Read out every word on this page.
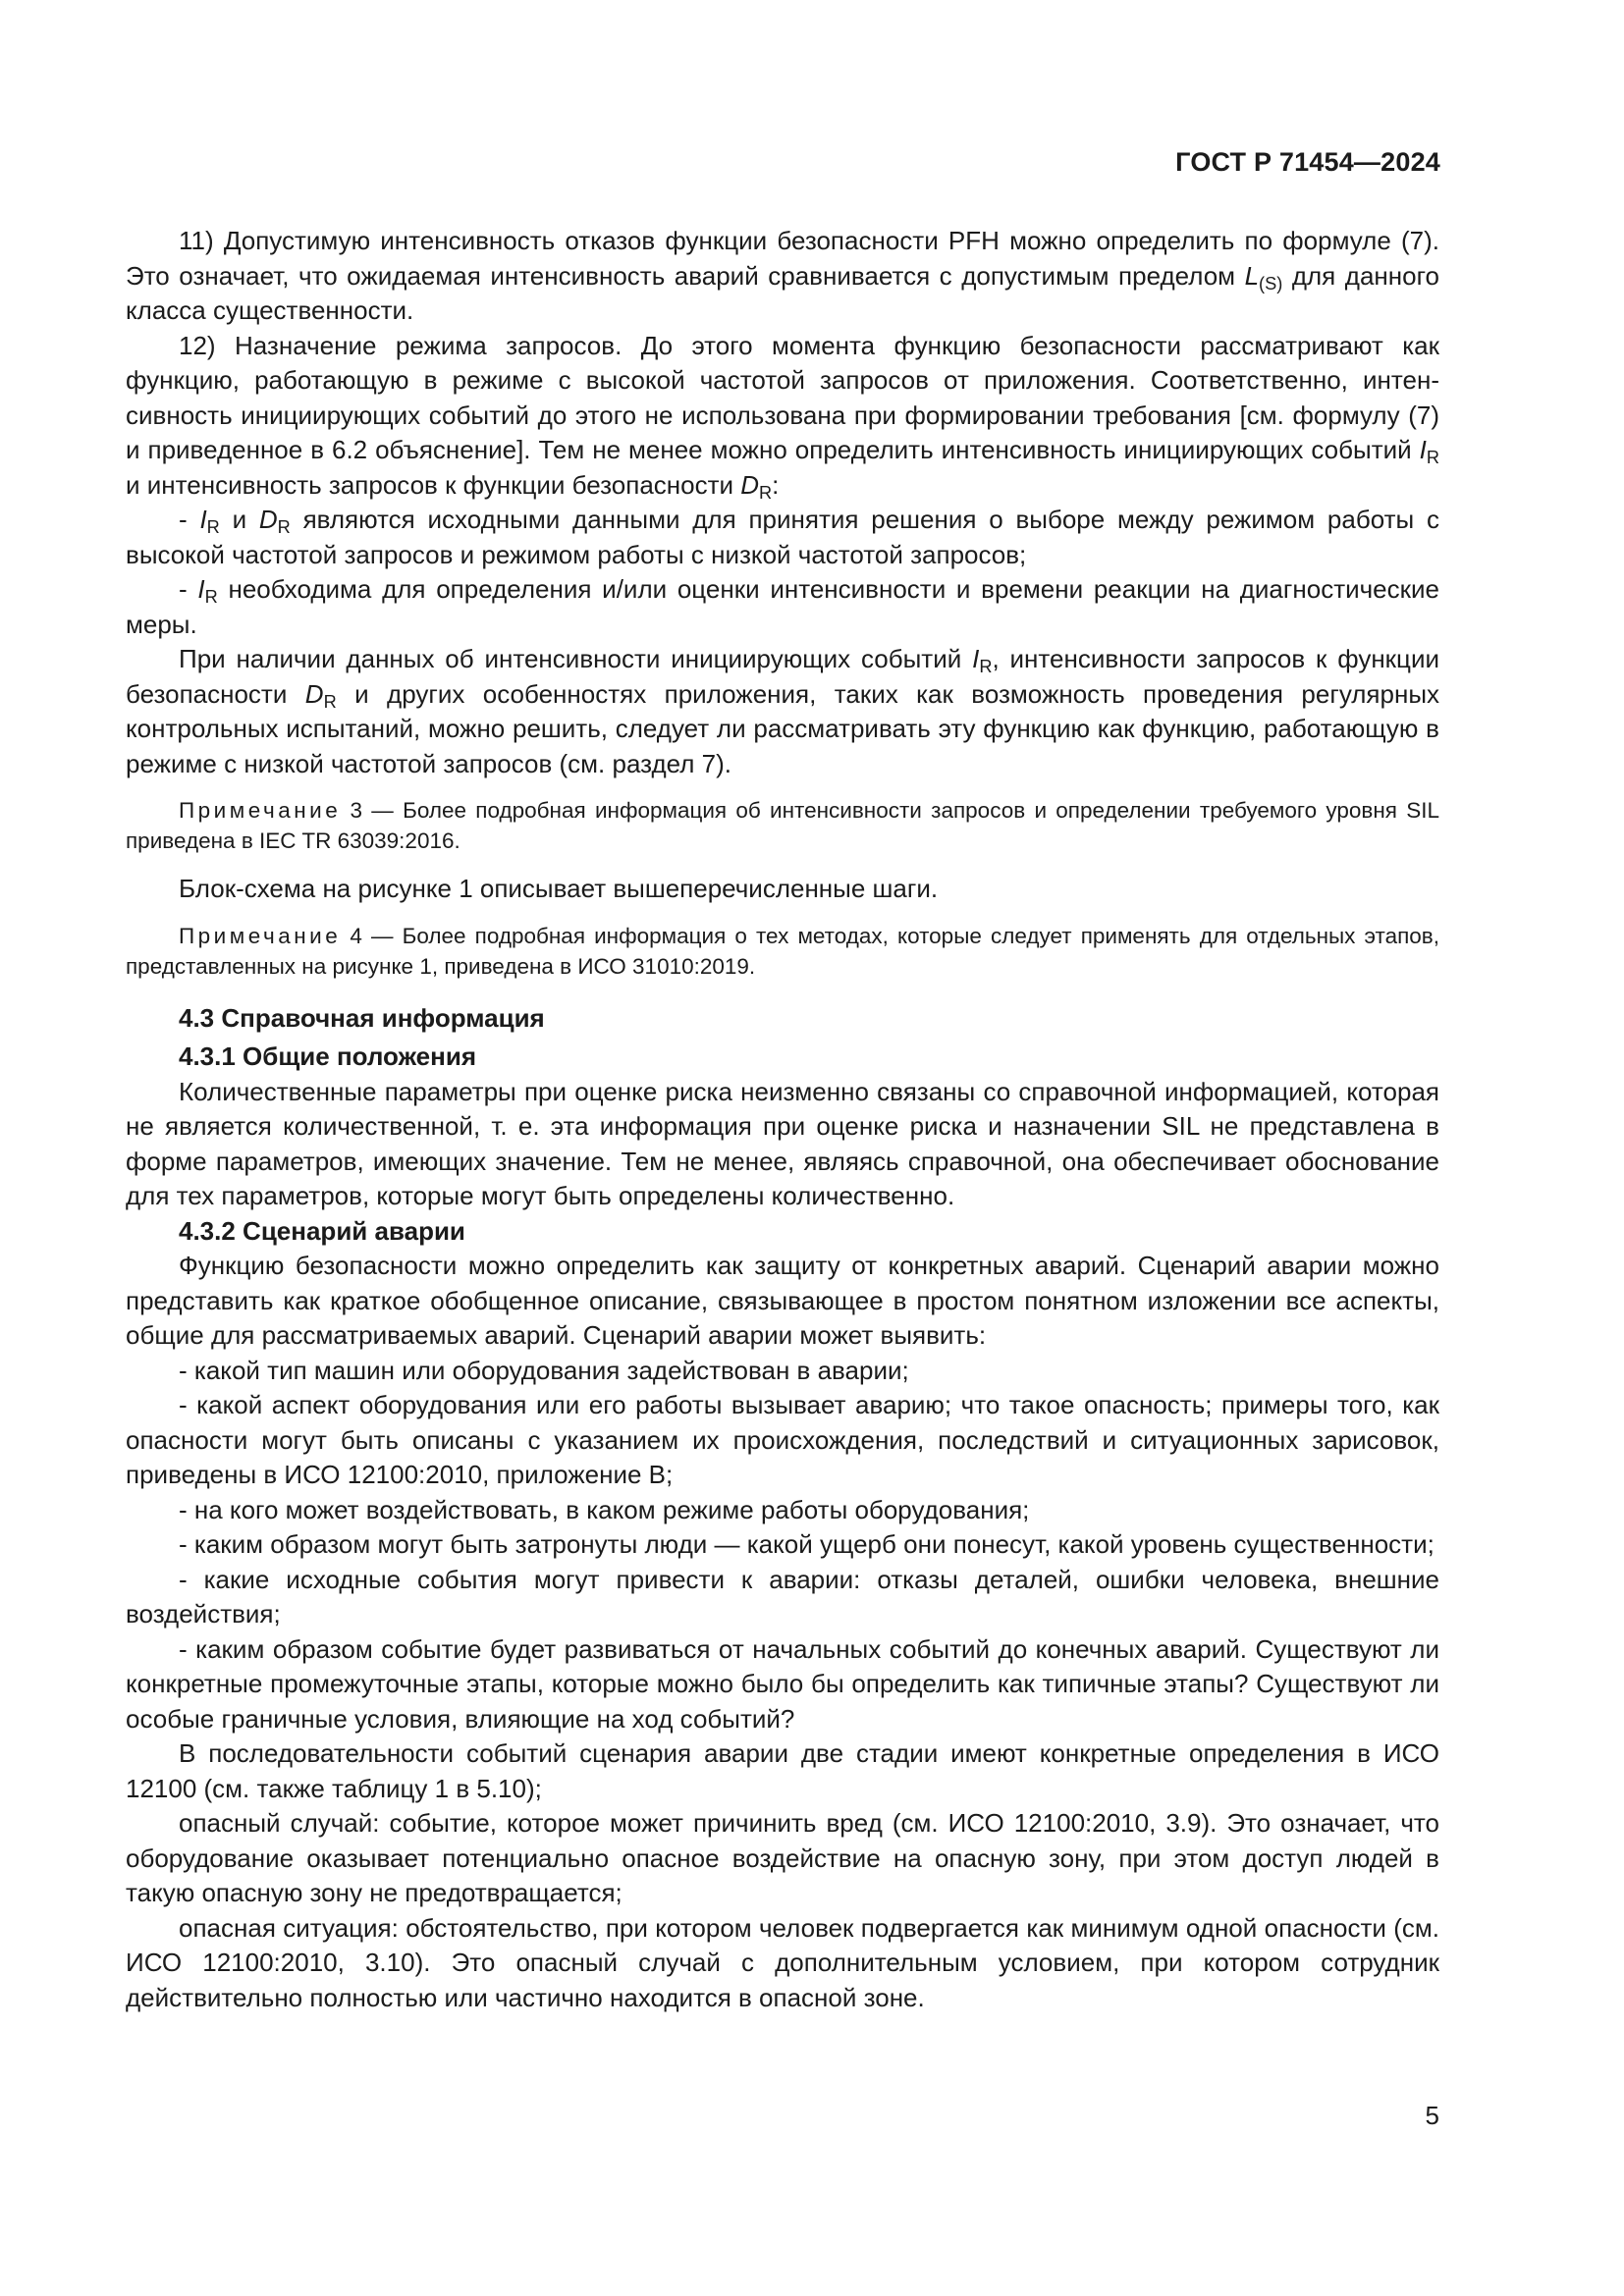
ГОСТ Р 71454—2024

11) Допустимую интенсивность отказов функции безопасности PFH можно определить по формуле (7). Это означает, что ожидаемая интенсивность аварий сравнивается с допустимым пределом $L_{(S)}$ для данного класса существенности.

12) Назначение режима запросов. До этого момента функцию безопасности рассматривают как функцию, работающую в режиме с высокой частотой запросов от приложения. Соответственно, интенсивность инициирующих событий до этого не использована при формировании требования [см. формулу (7) и приведенное в 6.2 объяснение]. Тем не менее можно определить интенсивность инициирующих событий $I_R$ и интенсивность запросов к функции безопасности $D_R$:

- $I_R$ и $D_R$ являются исходными данными для принятия решения о выборе между режимом работы с высокой частотой запросов и режимом работы с низкой частотой запросов;

- $I_R$ необходима для определения и/или оценки интенсивности и времени реакции на диагностические меры.

При наличии данных об интенсивности инициирующих событий $I_R$, интенсивности запросов к функции безопасности $D_R$ и других особенностях приложения, таких как возможность проведения регулярных контрольных испытаний, можно решить, следует ли рассматривать эту функцию как функцию, работающую в режиме с низкой частотой запросов (см. раздел 7).

Примечание 3 — Более подробная информация об интенсивности запросов и определении требуемого уровня SIL приведена в IEC TR 63039:2016.

Блок-схема на рисунке 1 описывает вышеперечисленные шаги.

Примечание 4 — Более подробная информация о тех методах, которые следует применять для отдельных этапов, представленных на рисунке 1, приведена в ИСО 31010:2019.

4.3 Справочная информация

4.3.1 Общие положения

Количественные параметры при оценке риска неизменно связаны со справочной информацией, которая не является количественной, т. е. эта информация при оценке риска и назначении SIL не представлена в форме параметров, имеющих значение. Тем не менее, являясь справочной, она обеспечивает обоснование для тех параметров, которые могут быть определены количественно.

4.3.2 Сценарий аварии

Функцию безопасности можно определить как защиту от конкретных аварий. Сценарий аварии можно представить как краткое обобщенное описание, связывающее в простом понятном изложении все аспекты, общие для рассматриваемых аварий. Сценарий аварии может выявить:

- какой тип машин или оборудования задействован в аварии;

- какой аспект оборудования или его работы вызывает аварию; что такое опасность; примеры того, как опасности могут быть описаны с указанием их происхождения, последствий и ситуационных зарисовок, приведены в ИСО 12100:2010, приложение В;

- на кого может воздействовать, в каком режиме работы оборудования;

- каким образом могут быть затронуты люди — какой ущерб они понесут, какой уровень существенности;

- какие исходные события могут привести к аварии: отказы деталей, ошибки человека, внешние воздействия;

- каким образом событие будет развиваться от начальных событий до конечных аварий. Существуют ли конкретные промежуточные этапы, которые можно было бы определить как типичные этапы? Существуют ли особые граничные условия, влияющие на ход событий?

В последовательности событий сценария аварии две стадии имеют конкретные определения в ИСО 12100 (см. также таблицу 1 в 5.10);

опасный случай: событие, которое может причинить вред (см. ИСО 12100:2010, 3.9). Это означает, что оборудование оказывает потенциально опасное воздействие на опасную зону, при этом доступ людей в такую опасную зону не предотвращается;

опасная ситуация: обстоятельство, при котором человек подвергается как минимум одной опасности (см. ИСО 12100:2010, 3.10). Это опасный случай с дополнительным условием, при котором сотрудник действительно полностью или частично находится в опасной зоне.

5
